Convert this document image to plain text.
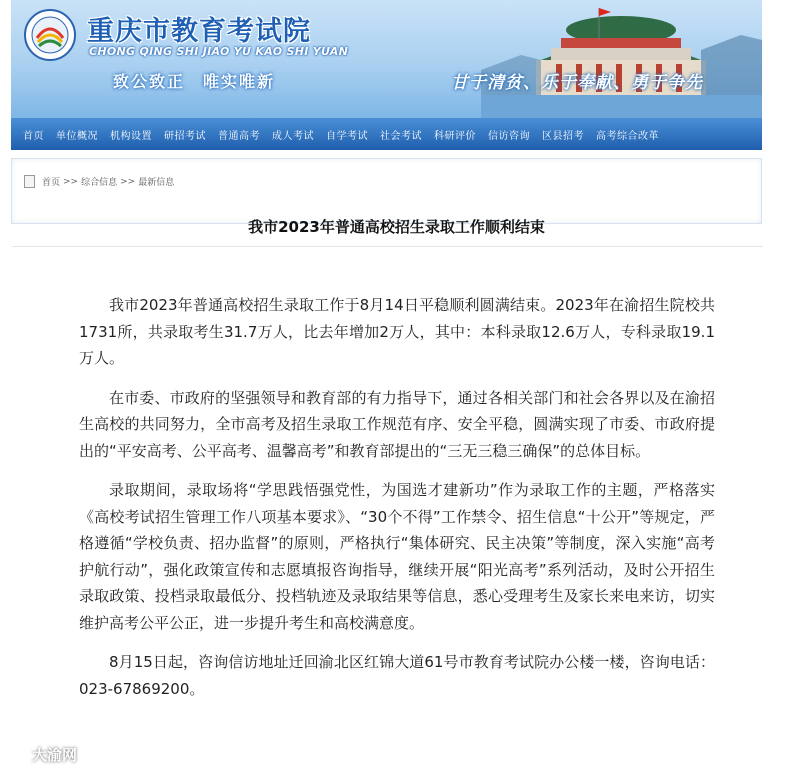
重庆市教育考试院
CHONG QING SHI JIAO YU KAO SHI YUAN
致公致正　唯实唯新	甘于清贫、乐于奉献、勇于争先
首页	单位概况	机构设置	研招考试	普通高考	成人考试	自学考试	社会考试	科研评价	信访咨询	区县招考	高考综合改革
首页 >> 综合信息 >> 最新信息
我市2023年普通高校招生录取工作顺利结束

我市2023年普通高校招生录取工作于8月14日平稳顺利圆满结束。2023年在渝招生院校共1731所，共录取考生31.7万人，比去年增加2万人，其中：本科录取12.6万人，专科录取19.1万人。

在市委、市政府的坚强领导和教育部的有力指导下，通过各相关部门和社会各界以及在渝招生高校的共同努力，全市高考及招生录取工作规范有序、安全平稳，圆满实现了市委、市政府提出的“平安高考、公平高考、温馨高考”和教育部提出的“三无三稳三确保”的总体目标。

录取期间，录取场将“学思践悟强党性，为国选才建新功”作为录取工作的主题，严格落实《高校考试招生管理工作八项基本要求》、“30个不得”工作禁令、招生信息“十公开”等规定，严格遵循“学校负责、招办监督”的原则，严格执行“集体研究、民主决策”等制度，深入实施“高考护航行动”，强化政策宣传和志愿填报咨询指导，继续开展“阳光高考”系列活动，及时公开招生录取政策、投档录取最低分、投档轨迹及录取结果等信息，悉心受理考生及家长来电来访，切实维护高考公平公正，进一步提升考生和高校满意度。

8月15日起，咨询信访地址迁回渝北区红锦大道61号市教育考试院办公楼一楼，咨询电话：023-67869200。

大渝网
